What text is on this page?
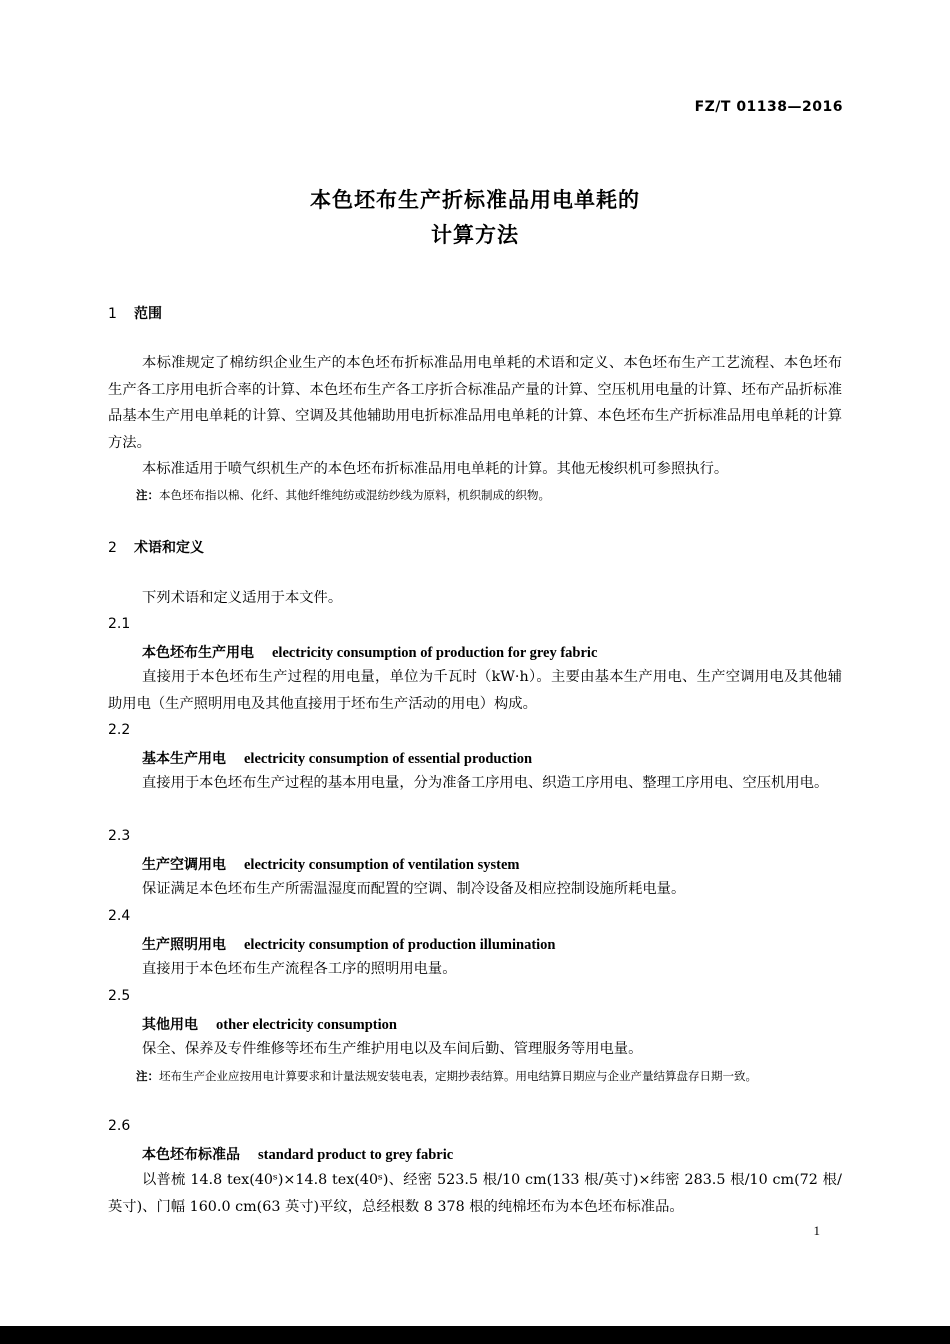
FZ/T 01138—2016
本色坯布生产折标准品用电单耗的
计算方法
1 范围
本标准规定了棉纺织企业生产的本色坯布折标准品用电单耗的术语和定义、本色坯布生产工艺流程、本色坯布生产各工序用电折合率的计算、本色坯布生产各工序折合标准品产量的计算、空压机用电量的计算、坯布产品折标准品基本生产用电单耗的计算、空调及其他辅助用电折标准品用电单耗的计算、本色坯布生产折标准品用电单耗的计算方法。
本标准适用于喷气织机生产的本色坯布折标准品用电单耗的计算。其他无梭织机可参照执行。
注：本色坯布指以棉、化纤、其他纤维纯纺或混纺纱线为原料，机织制成的织物。
2 术语和定义
下列术语和定义适用于本文件。
2.1
本色坯布生产用电 electricity consumption of production for grey fabric
直接用于本色坯布生产过程的用电量，单位为千瓦时（kW·h）。主要由基本生产用电、生产空调用电及其他辅助用电（生产照明用电及其他直接用于坯布生产活动的用电）构成。
2.2
基本生产用电 electricity consumption of essential production
直接用于本色坯布生产过程的基本用电量，分为准备工序用电、织造工序用电、整理工序用电、空压机用电。
2.3
生产空调用电 electricity consumption of ventilation system
保证满足本色坯布生产所需温湿度而配置的空调、制冷设备及相应控制设施所耗电量。
2.4
生产照明用电 electricity consumption of production illumination
直接用于本色坯布生产流程各工序的照明用电量。
2.5
其他用电 other electricity consumption
保全、保养及专件维修等坯布生产维护用电以及车间后勤、管理服务等用电量。
注：坯布生产企业应按用电计算要求和计量法规安装电表，定期抄表结算。用电结算日期应与企业产量结算盘存日期一致。
2.6
本色坯布标准品 standard product to grey fabric
以普梳 14.8 tex(40ˢ)×14.8 tex(40ˢ)、经密 523.5 根/10 cm(133 根/英寸)×纬密 283.5 根/10 cm(72 根/英寸)、门幅 160.0 cm(63 英寸)平纹，总经根数 8 378 根的纯棉坯布为本色坯布标准品。
1
